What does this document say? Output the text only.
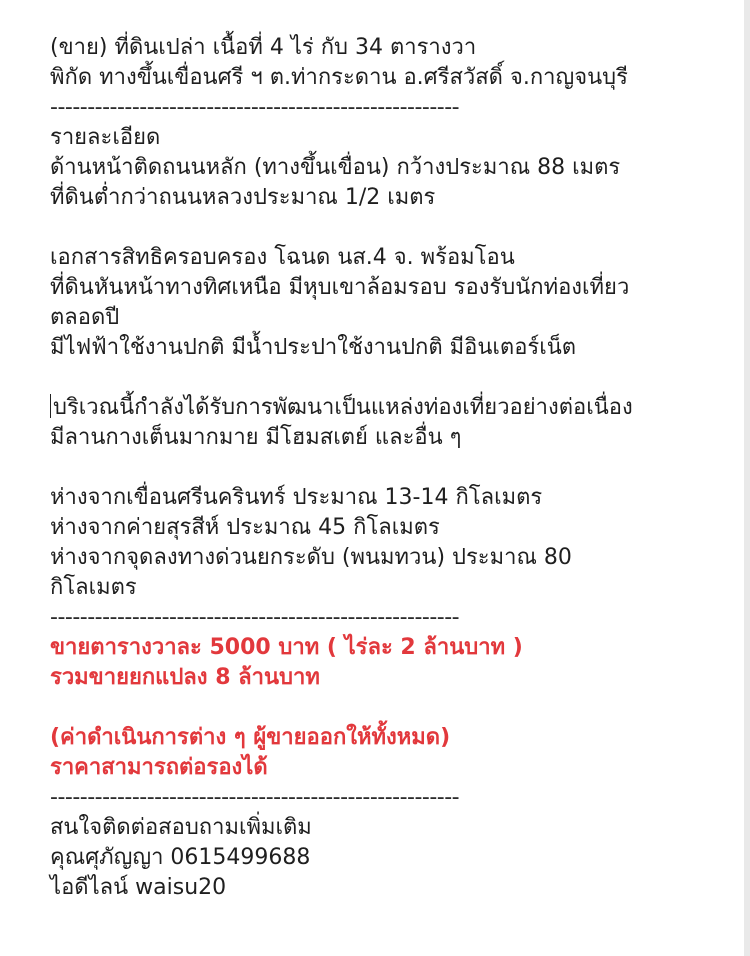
(ขาย) ที่ดินเปล่า เนื้อที่ 4 ไร่ กับ 34 ตารางวา
พิกัด ทางขึ้นเขื่อนศรี ฯ ต.ท่ากระดาน อ.ศรีสวัสดิ์ จ.กาญจนบุรี
-------------------------------------------------------
รายละเอียด
ด้านหน้าติดถนนหลัก (ทางขึ้นเขื่อน) กว้างประมาณ 88 เมตร
ที่ดินต่ำกว่าถนนหลวงประมาณ 1/2 เมตร
เอกสารสิทธิครอบครอง โฉนด นส.4 จ. พร้อมโอน
ที่ดินหันหน้าทางทิศเหนือ มีหุบเขาล้อมรอบ รองรับนักท่องเที่ยว
ตลอดปี
มีไฟฟ้าใช้งานปกติ มีน้ำประปาใช้งานปกติ มีอินเตอร์เน็ต
บริเวณนี้กำลังได้รับการพัฒนาเป็นแหล่งท่องเที่ยวอย่างต่อเนื่อง
มีลานกางเต็นมากมาย มีโฮมสเตย์ และอื่น ๆ
ห่างจากเขื่อนศรีนครินทร์ ประมาณ 13-14 กิโลเมตร
ห่างจากค่ายสุรสีห์ ประมาณ 45 กิโลเมตร
ห่างจากจุดลงทางด่วนยกระดับ (พนมทวน) ประมาณ 80
กิโลเมตร
-------------------------------------------------------
ขายตารางวาละ 5000 บาท ( ไร่ละ 2 ล้านบาท )
รวมขายยกแปลง 8 ล้านบาท
(ค่าดำเนินการต่าง ๆ ผู้ขายออกให้ทั้งหมด)
ราคาสามารถต่อรองได้
-------------------------------------------------------
สนใจติดต่อสอบถามเพิ่มเติม
คุณศุภัญญา 0615499688
ไอดีไลน์ waisu20
